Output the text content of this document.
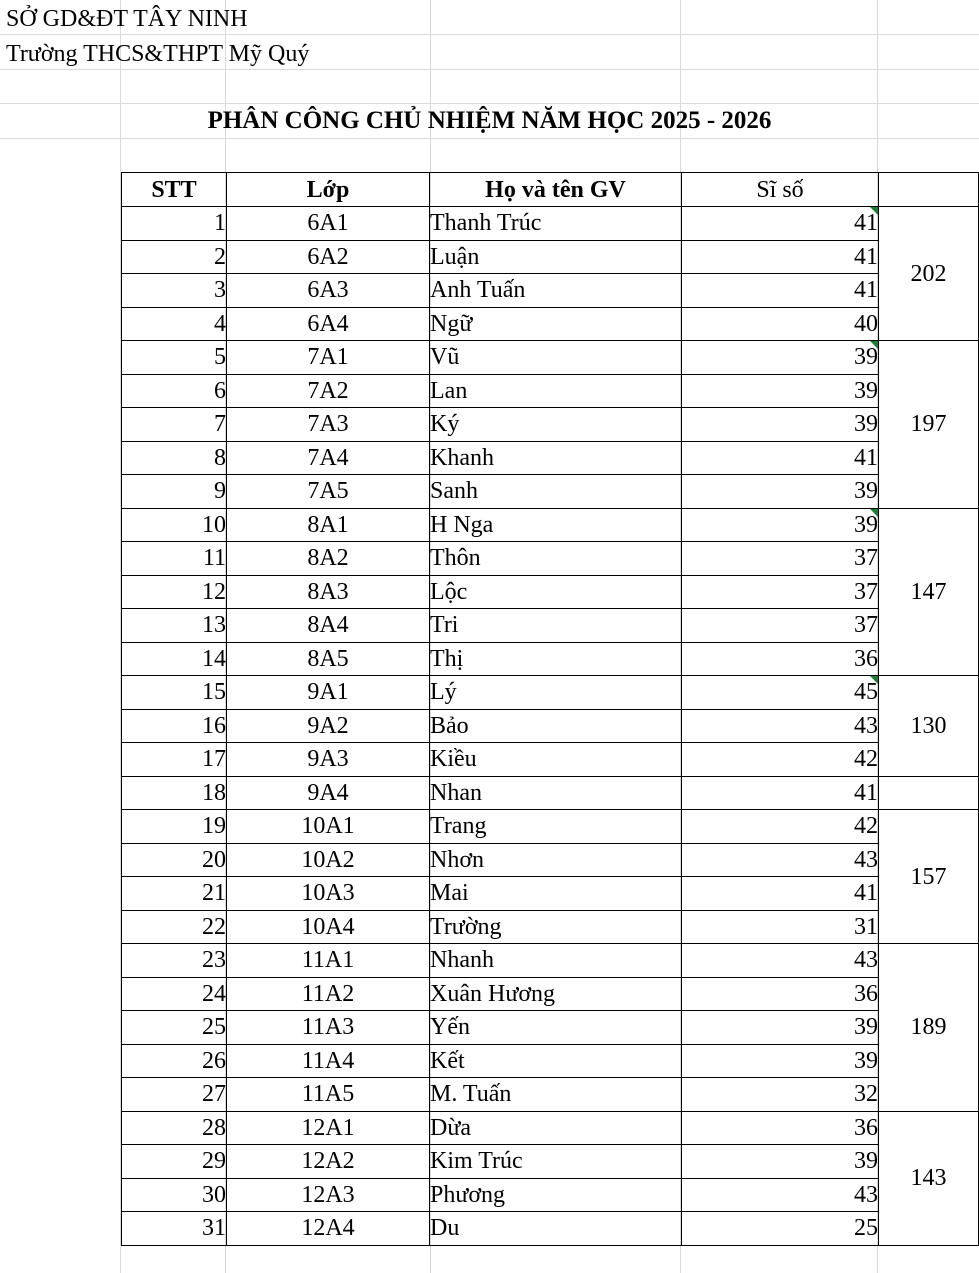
SỞ GD&ĐT TÂY NINH
Trường THCS&THPT Mỹ Quý
PHÂN CÔNG CHỦ NHIỆM NĂM HỌC 2025 - 2026
STT	Lớp	Họ và tên GV	Sĩ số	
1	6A1	Thanh Trúc	41	202
2	6A2	Luận	41	
3	6A3	Anh Tuấn	41	
4	6A4	Ngữ	40	
5	7A1	Vũ	39	197
6	7A2	Lan	39	
7	7A3	Ký	39	
8	7A4	Khanh	41	
9	7A5	Sanh	39	
10	8A1	H Nga	39	147
11	8A2	Thôn	37	
12	8A3	Lộc	37	
13	8A4	Tri	37	
14	8A5	Thị	36	
15	9A1	Lý	45	130
16	9A2	Bảo	43	
17	9A3	Kiều	42	
18	9A4	Nhan	41	
19	10A1	Trang	42	157
20	10A2	Nhơn	43	
21	10A3	Mai	41	
22	10A4	Trường	31	
23	11A1	Nhanh	43	189
24	11A2	Xuân Hương	36	
25	11A3	Yến	39	
26	11A4	Kết	39	
27	11A5	M. Tuấn	32	
28	12A1	Dừa	36	143
29	12A2	Kim Trúc	39	
30	12A3	Phương	43	
31	12A4	Du	25	
